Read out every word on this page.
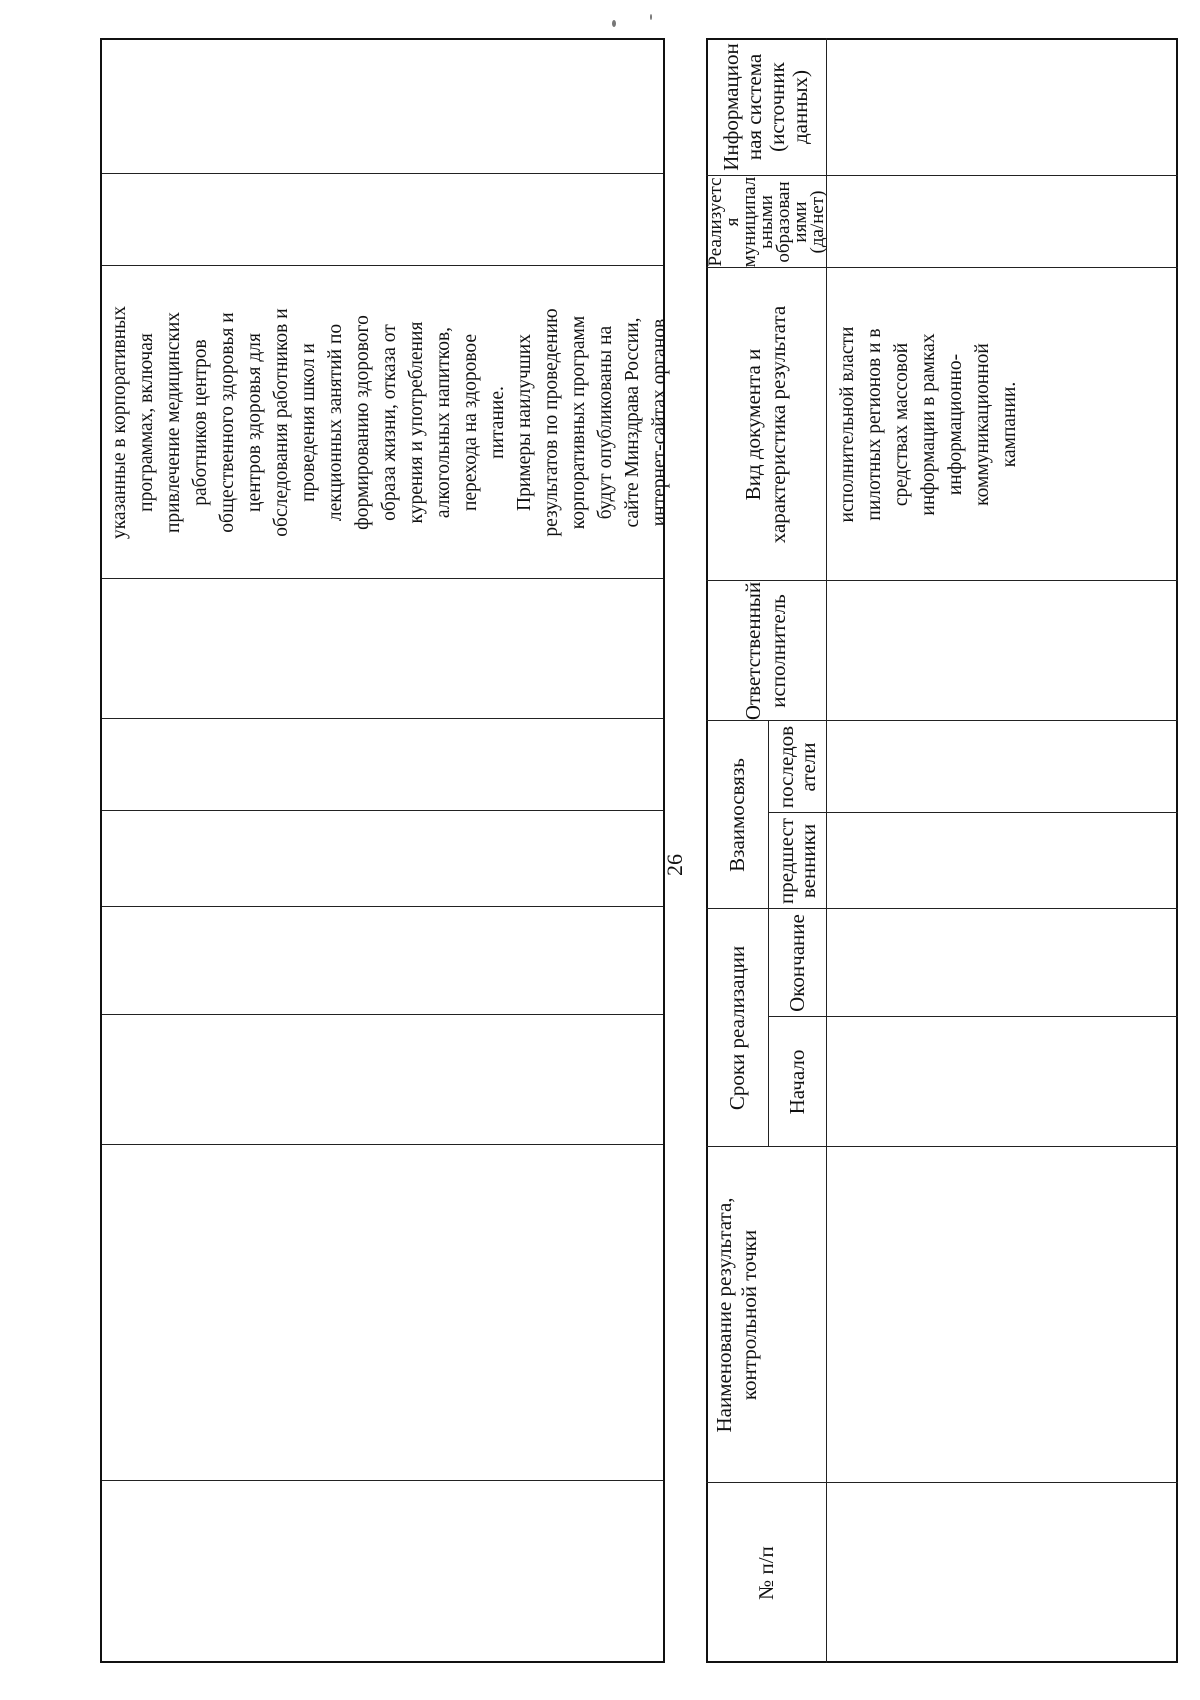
указанные в корпоративных
программах, включая
привлечение медицинских
работников центров
общественного здоровья и
центров здоровья для
обследования работников и
проведения школ и
лекционных занятий по
формированию здорового
образа жизни, отказа от
курения и употребления
алкогольных напитков,
перехода на здоровое
питание.
Примеры наилучших
результатов по проведению
корпоративных программ
будут опубликованы на
сайте Минздрава России,
интернет-сайтах органов
26
№ п/п
Наименование результата,
контрольной точки
Сроки реализации	Начало
Окончание
Взаимосвязь	предшест
венники
последов
атели
Ответственный
исполнитель
Вид документа и
характеристика результата
Реализуетс
я
муниципал
ьными
образован
иями
(да/нет)
Информацион
ная система
(источник
данных)
исполнительной власти
пилотных регионов и в
средствах массовой
информации в рамках
информационно-
коммуникационной
кампании.
